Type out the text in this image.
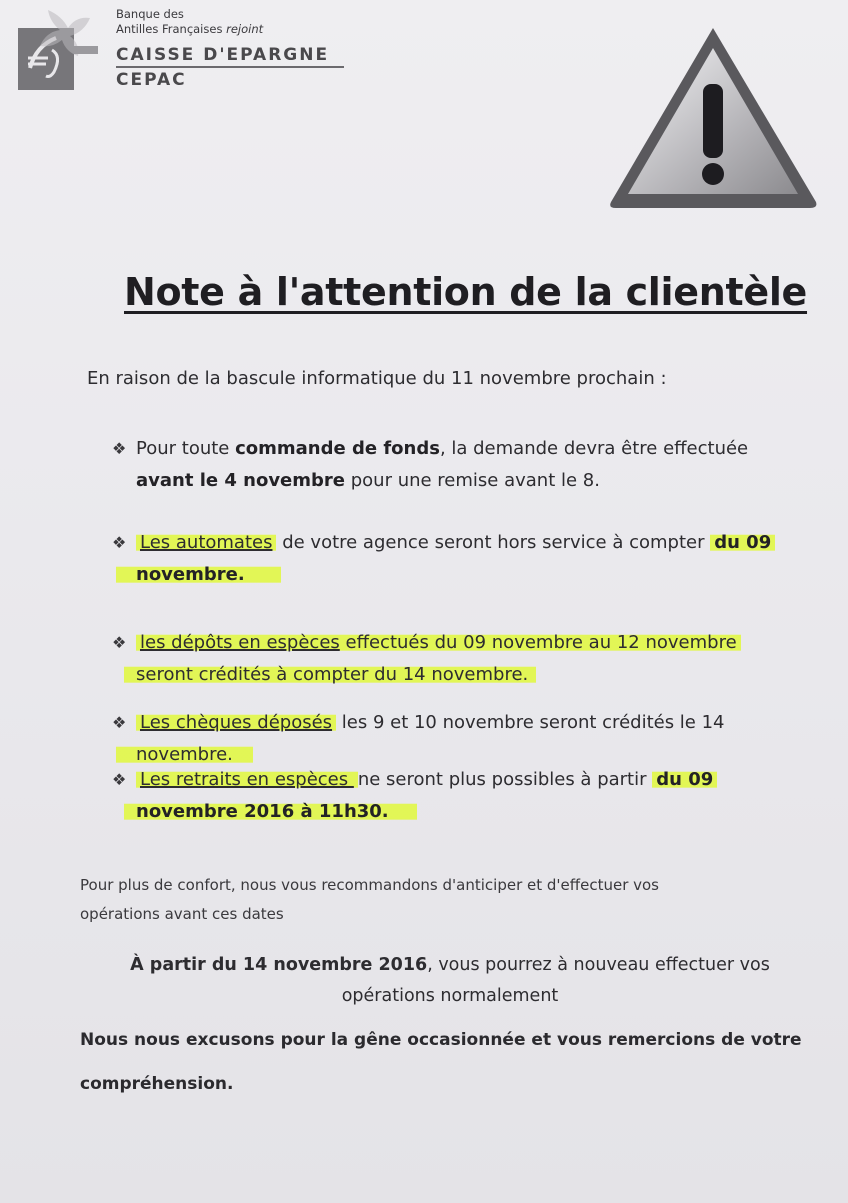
Banque des
Antilles Françaises rejoint
CAISSE D'EPARGNE
CEPAC
Note à l'attention de la clientèle
En raison de la bascule informatique du 11 novembre prochain :
❖ Pour toute commande de fonds, la demande devra être effectuée
avant le 4 novembre pour une remise avant le 8.
❖ Les automates de votre agence seront hors service à compter du 09
novembre.
❖ les dépôts en espèces effectués du 09 novembre au 12 novembre
seront crédités à compter du 14 novembre.
❖ Les chèques déposés les 9 et 10 novembre seront crédités le 14
novembre.
❖ Les retraits en espèces ne seront plus possibles à partir du 09
novembre 2016 à 11h30.
Pour plus de confort, nous vous recommandons d'anticiper et d'effectuer vos
opérations avant ces dates
À partir du 14 novembre 2016, vous pourrez à nouveau effectuer vos
opérations normalement
Nous nous excusons pour la gêne occasionnée et vous remercions de votre
compréhension.
